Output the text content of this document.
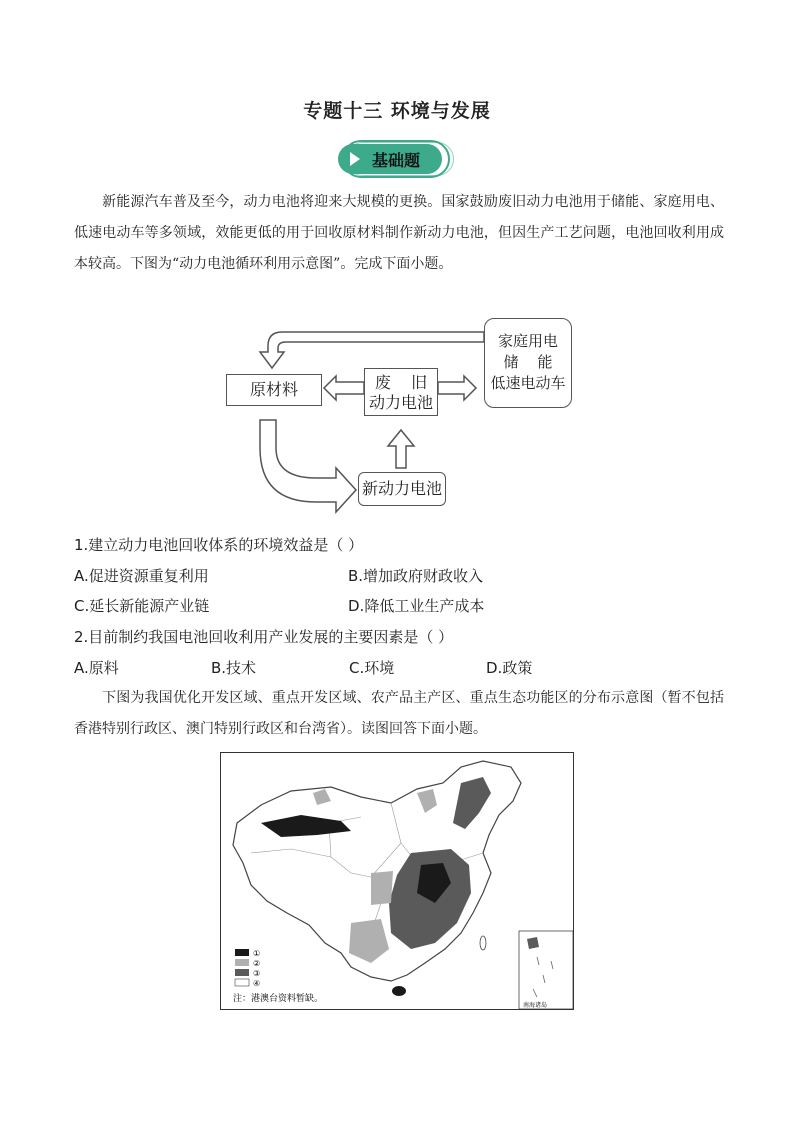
专题十三 环境与发展
基础题
新能源汽车普及至今，动力电池将迎来大规模的更换。国家鼓励废旧动力电池用于储能、家庭用电、低速电动车等多领域，效能更低的用于回收原材料制作新动力电池，但因生产工艺问题，电池回收利用成本较高。下图为“动力电池循环利用示意图”。完成下面小题。
原材料	废 旧
动力电池
家庭用电
储    能
低速电动车
新动力电池
1.建立动力电池回收体系的环境效益是（ ）
A.促进资源重复利用	B.增加政府财政收入
C.延长新能源产业链	D.降低工业生产成本
2.目前制约我国电池回收利用产业发展的主要因素是（ ）
A.原料	B.技术	C.环境	D.政策
下图为我国优化开发区域、重点开发区域、农产品主产区、重点生态功能区的分布示意图（暂不包括香港特别行政区、澳门特别行政区和台湾省）。读图回答下面小题。
①
②
③
④
注：港澳台资料暂缺。
南海诸岛
